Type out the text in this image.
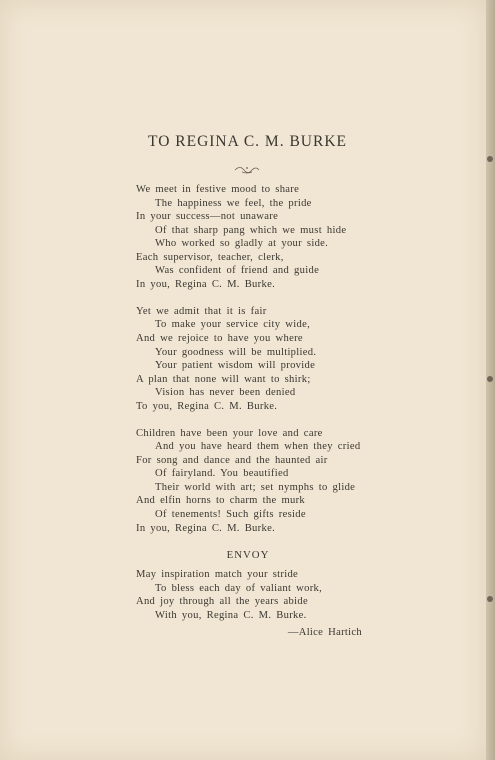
TO REGINA C. M. BURKE
We meet in festive mood to share
The happiness we feel, the pride
In your success—not unaware
Of that sharp pang which we must hide
Who worked so gladly at your side.
Each supervisor, teacher, clerk,
Was confident of friend and guide
In you, Regina C. M. Burke.
Yet we admit that it is fair
To make your service city wide,
And we rejoice to have you where
Your goodness will be multiplied.
Your patient wisdom will provide
A plan that none will want to shirk;
Vision has never been denied
To you, Regina C. M. Burke.
Children have been your love and care
And you have heard them when they cried
For song and dance and the haunted air
Of fairyland. You beautified
Their world with art; set nymphs to glide
And elfin horns to charm the murk
Of tenements! Such gifts reside
In you, Regina C. M. Burke.
ENVOY
May inspiration match your stride
To bless each day of valiant work,
And joy through all the years abide
With you, Regina C. M. Burke.
—Alice Hartich
